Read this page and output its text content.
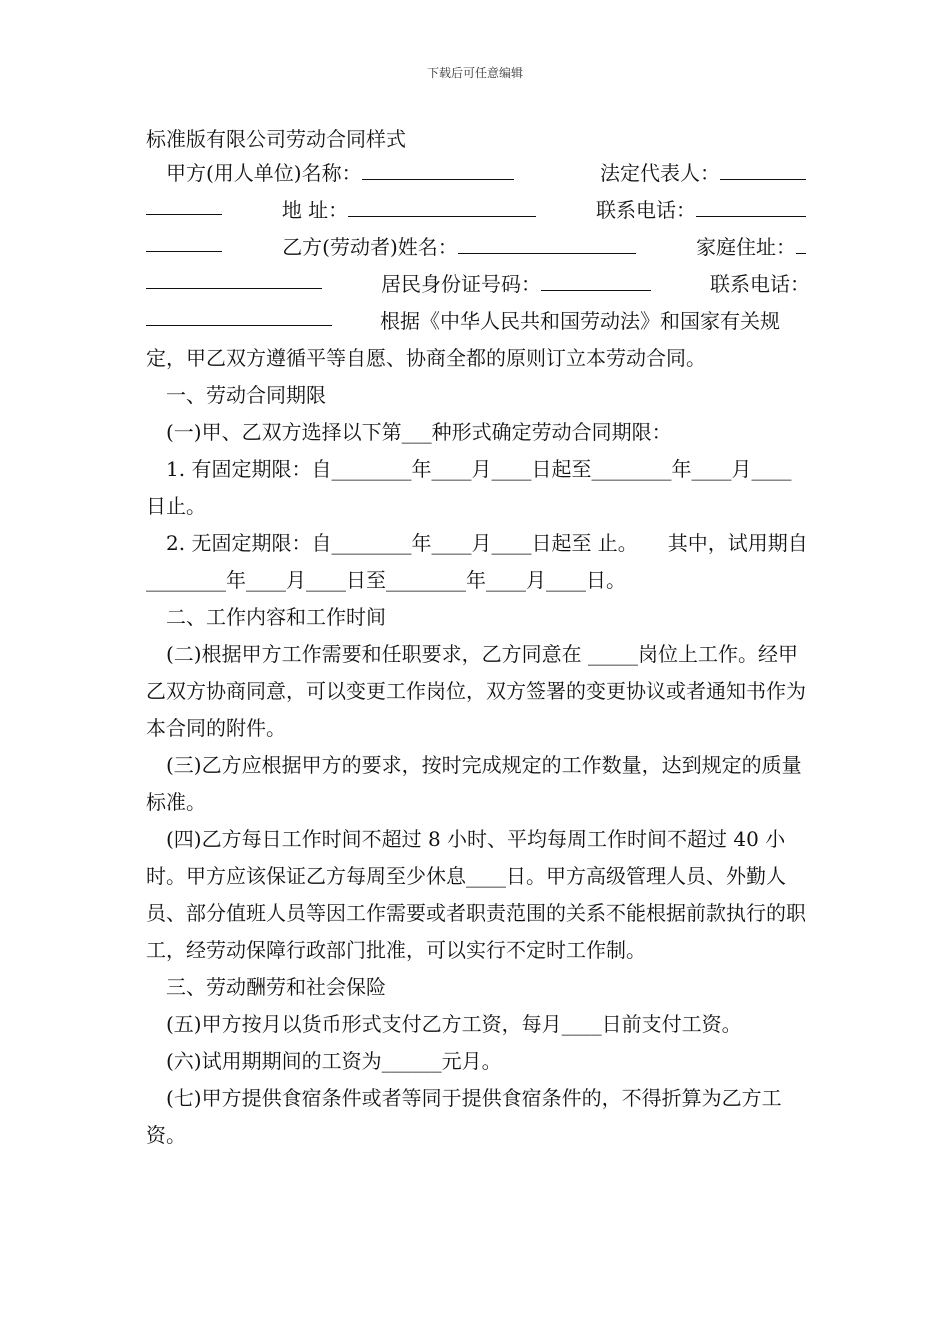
下载后可任意编辑
标准版有限公司劳动合同样式
甲方(用人单位)名称：	法定代表人：
地 址：	联系电话：
乙方(劳动者)姓名：	家庭住址：
居民身份证号码：	联系电话：
根据《中华人民共和国劳动法》和国家有关规定，甲乙双方遵循平等自愿、协商全都的原则订立本劳动合同。

一、劳动合同期限

(一)甲、乙双方选择以下第___种形式确定劳动合同期限：

1. 有固定期限：自________年____月____日起至________年____月____日止。

2. 无固定期限：自________年____月____日起至 止。　　其中，试用期自________年____月____日至________年____月____日。

二、工作内容和工作时间

(二)根据甲方工作需要和任职要求，乙方同意在 _____岗位上工作。经甲乙双方协商同意，可以变更工作岗位，双方签署的变更协议或者通知书作为本合同的附件。

(三)乙方应根据甲方的要求，按时完成规定的工作数量，达到规定的质量标准。

(四)乙方每日工作时间不超过 8 小时、平均每周工作时间不超过 40 小时。甲方应该保证乙方每周至少休息____日。甲方高级管理人员、外勤人员、部分值班人员等因工作需要或者职责范围的关系不能根据前款执行的职工，经劳动保障行政部门批准，可以实行不定时工作制。

三、劳动酬劳和社会保险

(五)甲方按月以货币形式支付乙方工资，每月____日前支付工资。

(六)试用期期间的工资为______元月。

(七)甲方提供食宿条件或者等同于提供食宿条件的，不得折算为乙方工资。
